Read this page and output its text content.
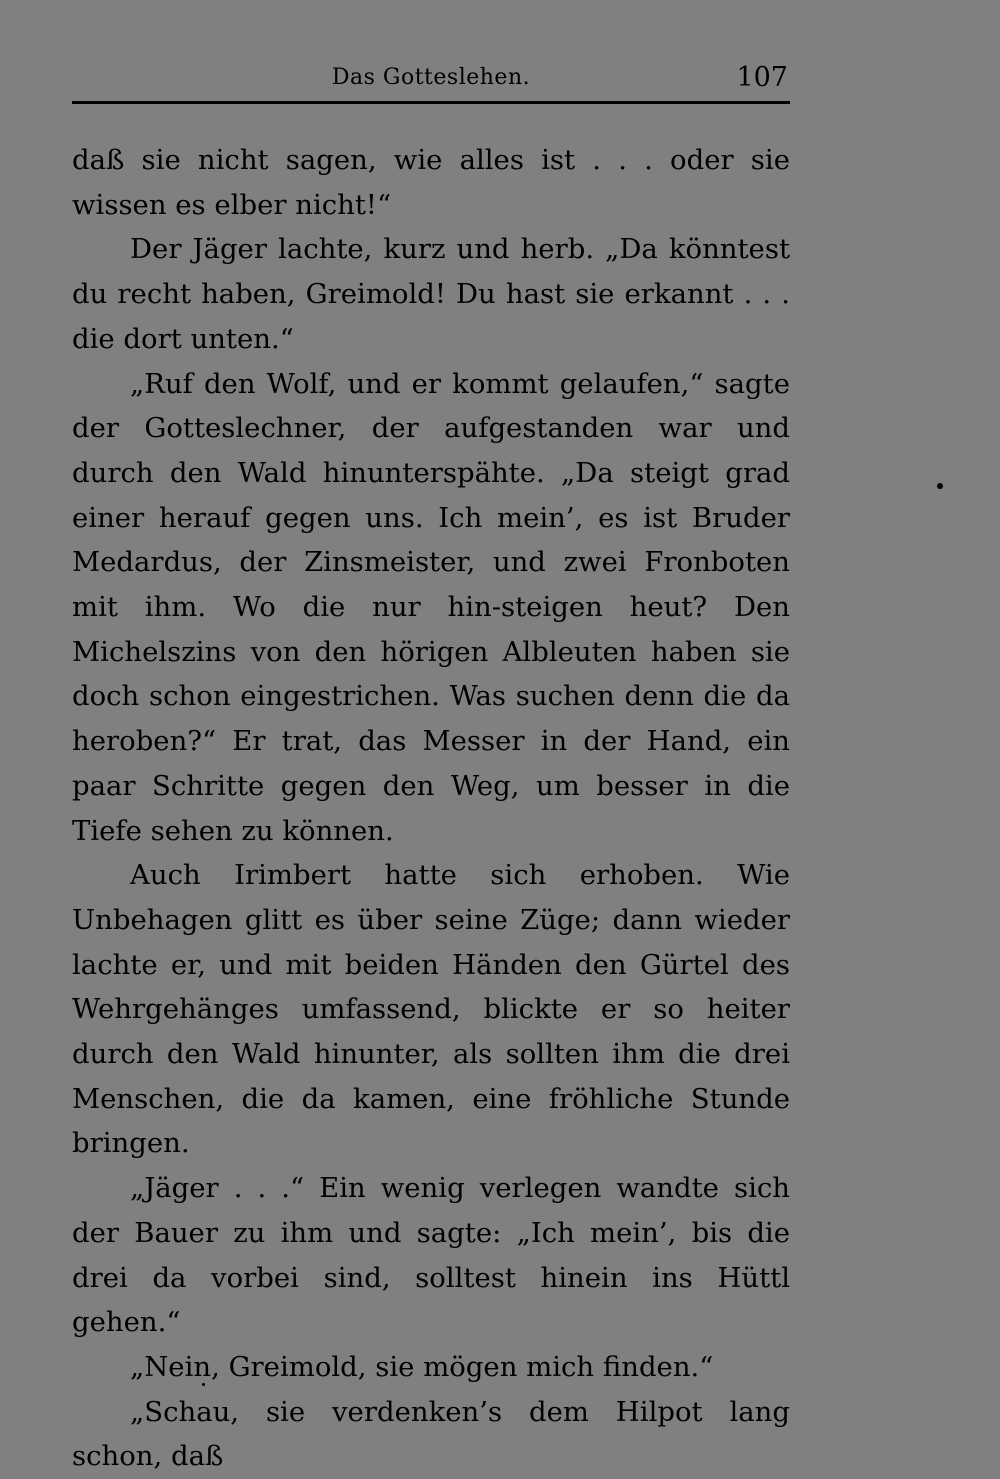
Das Gotteslehen.	107

daß sie nicht sagen, wie alles ist . . . oder sie wissen es elber nicht!“

Der Jäger lachte, kurz und herb. „Da könntest du recht haben, Greimold! Du hast sie erkannt . . . die dort unten.“

„Ruf den Wolf, und er kommt gelaufen,“ sagte der Gotteslechner, der aufgestanden war und durch den Wald hinunterspähte. „Da steigt grad einer herauf gegen uns. Ich mein’, es ist Bruder Medardus, der Zinsmeister, und zwei Fronboten mit ihm. Wo die nur hin-steigen heut? Den Michelszins von den hörigen Albleuten haben sie doch schon eingestrichen. Was suchen denn die da heroben?“ Er trat, das Messer in der Hand, ein paar Schritte gegen den Weg, um besser in die Tiefe sehen zu können.

Auch Irimbert hatte sich erhoben. Wie Unbehagen glitt es über seine Züge; dann wieder lachte er, und mit beiden Händen den Gürtel des Wehrgehänges umfassend, blickte er so heiter durch den Wald hinunter, als sollten ihm die drei Menschen, die da kamen, eine fröhliche Stunde bringen.

„Jäger . . .“ Ein wenig verlegen wandte sich der Bauer zu ihm und sagte: „Ich mein’, bis die drei da vorbei sind, solltest hinein ins Hüttl gehen.“

„Nein, Greimold, sie mögen mich finden.“

„Schau, sie verdenken’s dem Hilpot lang schon, daß
